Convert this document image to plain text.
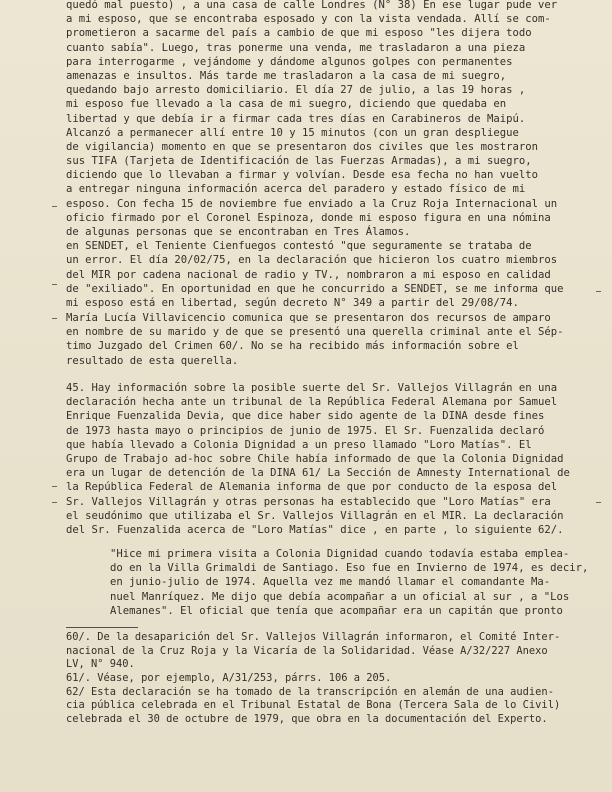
quedó mal puesto) , a una casa de calle Londres (N° 38) En ese lugar pude ver
a mi esposo, que se encontraba esposado y con la vista vendada. Allí se com-
prometieron a sacarme del país a cambio de que mi esposo "les dijera todo
cuanto sabía". Luego, tras ponerme una venda, me trasladaron a una pieza
para interrogarme , vejándome y dándome algunos golpes con permanentes
amenazas e insultos. Más tarde me trasladaron a la casa de mi suegro,
quedando bajo arresto domiciliario. El día 27 de julio, a las 19 horas ,
mi esposo fue llevado a la casa de mi suegro, diciendo que quedaba en
libertad y que debía ir a firmar cada tres días en Carabineros de Maipú.
Alcanzó a permanecer allí entre 10 y 15 minutos (con un gran despliegue
de vigilancia) momento en que se presentaron dos civiles que les mostraron
sus TIFA (Tarjeta de Identificación de las Fuerzas Armadas), a mi suegro,
diciendo que lo llevaban a firmar y volvían. Desde esa fecha no han vuelto
a entregar ninguna información acerca del paradero y estado físico de mi
esposo. Con fecha 15 de noviembre fue enviado a la Cruz Roja Internacional un
oficio firmado por el Coronel Espinoza, donde mi esposo figura en una nómina
de algunas personas que se encontraban en Tres Álamos.
en SENDET, el Teniente Cienfuegos contestó "que seguramente se trataba de
un error. El día 20/02/75, en la declaración que hicieron los cuatro miembros
del MIR por cadena nacional de radio y TV., nombraron a mi esposo en calidad
de "exiliado". En oportunidad en que he concurrido a SENDET, se me informa que
mi esposo está en libertad, según decreto N° 349 a partir del 29/08/74.
María Lucía Villavicencio comunica que se presentaron dos recursos de amparo
en nombre de su marido y de que se presentó una querella criminal ante el Sép-
timo Juzgado del Crimen 60/. No se ha recibido más información sobre el
resultado de esta querella.
45. Hay información sobre la posible suerte del Sr. Vallejos Villagrán en una
declaración hecha ante un tribunal de la República Federal Alemana por Samuel
Enrique Fuenzalida Devia, que dice haber sido agente de la DINA desde fines
de 1973 hasta mayo o principios de junio de 1975. El Sr. Fuenzalida declaró
que había llevado a Colonia Dignidad a un preso llamado "Loro Matías". El
Grupo de Trabajo ad-hoc sobre Chile había informado de que la Colonia Dignidad
era un lugar de detención de la DINA 61/ La Sección de Amnesty International de
la República Federal de Alemania informa de que por conducto de la esposa del
Sr. Vallejos Villagrán y otras personas ha establecido que "Loro Matías" era
el seudónimo que utilizaba el Sr. Vallejos Villagrán en el MIR. La declaración
del Sr. Fuenzalida acerca de "Loro Matías" dice , en parte , lo siguiente 62/.
"Hice mi primera visita a Colonia Dignidad cuando todavía estaba emplea-
do en la Villa Grimaldi de Santiago. Eso fue en Invierno de 1974, es decir,
en junio-julio de 1974. Aquella vez me mandó llamar el comandante Ma-
nuel Manríquez. Me dijo que debía acompañar a un oficial al sur , a "Los
Alemanes". El oficial que tenía que acompañar era un capitán que pronto
60/. De la desaparición del Sr. Vallejos Villagrán informaron, el Comité Inter-
nacional de la Cruz Roja y la Vicaría de la Solidaridad. Véase A/32/227 Anexo
LV, N° 940.
61/. Véase, por ejemplo, A/31/253, párrs. 106 a 205.
62/ Esta declaración se ha tomado de la transcripción en alemán de una audien-
cia pública celebrada en el Tribunal Estatal de Bona (Tercera Sala de lo Civil)
celebrada el 30 de octubre de 1979, que obra en la documentación del Experto.
